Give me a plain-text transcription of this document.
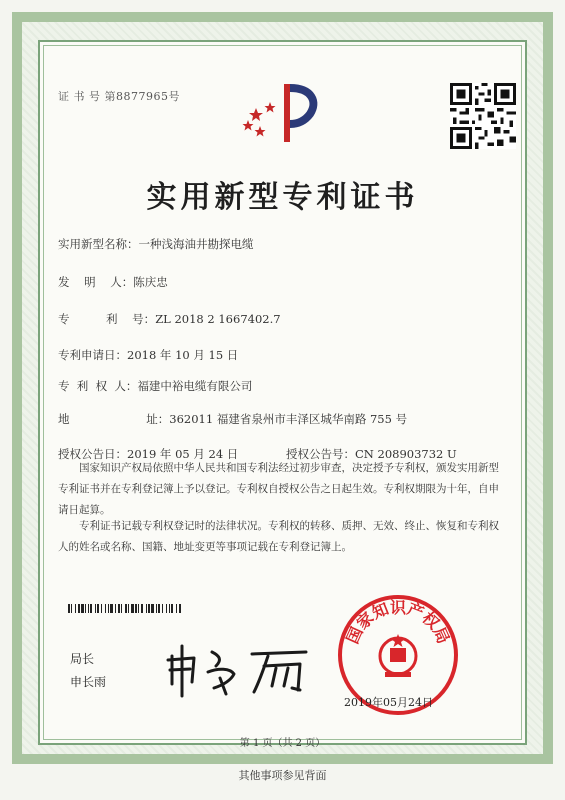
证 书 号 第8877965号
实用新型专利证书
实用新型名称：一种浅海油井勘探电缆
发    明    人：陈庆忠
专          利    号：ZL 2018 2 1667402.7
专利申请日：2018 年 10 月 15 日
专  利  权  人：福建中裕电缆有限公司
地                     址：362011 福建省泉州市丰泽区城华南路 755 号
授权公告日：2019 年 05 月 24 日	授权公告号：CN 208903732 U
国家知识产权局依照中华人民共和国专利法经过初步审查，决定授予专利权，颁发实用新型专利证书并在专利登记簿上予以登记。专利权自授权公告之日起生效。专利权期限为十年，自申请日起算。
专利证书记载专利权登记时的法律状况。专利权的转移、质押、无效、终止、恢复和专利权人的姓名或名称、国籍、地址变更等事项记载在专利登记簿上。
局长
申长雨
国家知识产权局
2019年05月24日
第 1 页（共 2 页）
其他事项参见背面
